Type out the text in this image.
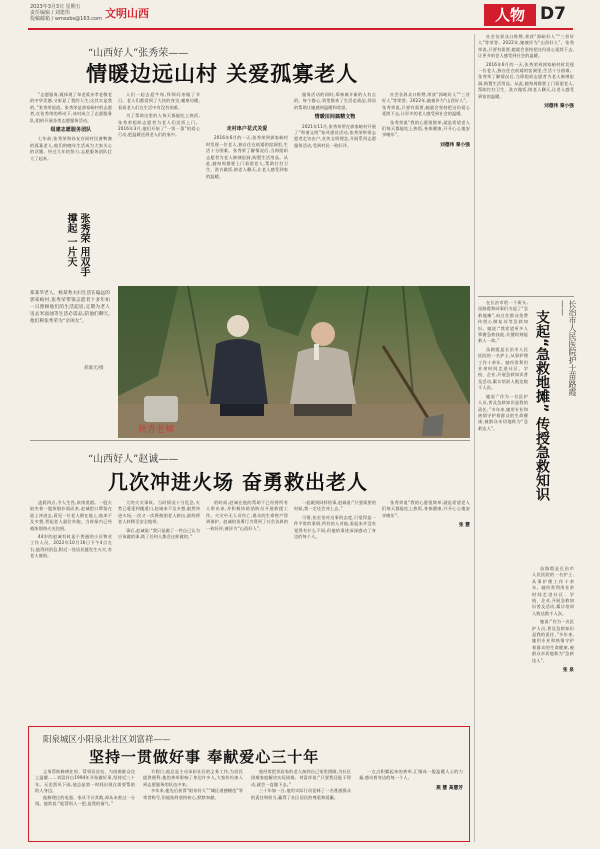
2023年3月3日 星期五
责任编辑 / 刘建伟
投稿邮箱 / wmsxbs@163.com 文明山西	人物 D7
“山西好人”张秀荣——
情暖边远山村 关爱孤寡老人

“志愿服务,既体现了奉老爱亲孝老敬老的中华美德,又彰显了我的人生;这其实是我的。”张秀荣说道。张秀荣是郭家峪村的志愿者,在张秀荣的带动下,该村成立了志愿服务队,组织开展各类志愿服务活动。

组建志愿服务团队

七年前,张秀荣和孙友存同村民唐鸭寨的孤寡老人,他们的晚年生活成为大家关心的话题。经过几年的努力,志愿服务团队壮大了起来。

人们一起去迎牛每,拜师问茶做了节日。老人们都爱到了大伙的身边,嘘寒问暖,看看老人们在生活中有没有困难。

为了帮助这里的人每天都能吃上热饭,张秀荣组织志愿者为老人们送饭上门。2016年3月,他们开始了“一饭一菜”的爱心行动,把温暖送到老人们的家中。

走村串户花式关爱

2016年6月的一天,张秀荣到郭家峪村时发现一位老人,独自住在低矮的窑洞里,生活十分困难。张秀荣了解情况后,当即组织志愿者为老人修缮窑洞,购置生活用品。从此,她每周都要上门看望老人,帮助打扫卫生、洗衣做饭,陪老人聊天,让老人感受到家的温暖。

服务活动的同时,郑林离开新的人有点的。每个都心,邻里都来了生活必需品,邻居的帮助让她感到温暖和希望。

情暖田间搞精文物

2021年11月,张秀荣所在郭家峪村开展了“和谐文明”家风建设活动,张秀荣带领志愿者走访农户,宣传文明理念,开展系列志愿服务活动,受到村民一致好评。

社会各界众口称赞,荣获“郭峪好人”“三晋好人”等荣誉。2022年,她被评为“山西好人”。张秀荣说,只要有需要,她就会坚持把这份爱心延续下去,让更多的老人感受到社会的温暖。

张秀荣说“我的心愿很简单,就是希望老人们每天都能吃上热饭,身体健康,开开心心地安享晚年”。

刘德伟 秦小强
张秀荣 用双手撑起 一片天
郑某华老人、杨某秀夫妇生活在偏远的郭家峪村,张秀荣带领志愿者十多年如一日照顾他们的生活起居,定期为老人送去米面油等生活必需品,陪他们聊天,他们称张秀荣为“亲闺女”。
郝翼光/摄
秋香老师
“山西好人”赵诚——
几次冲进火场 奋勇救出老人

凌晨四点,令人生畏,浓浓黑烟。一股火焰夹着一股浓烟扑面而来,赵诚把口罩捂在面上冲进去,看见一位老人倒在地上,他来不及多想,背起老人就往外跑。当时屋内已经被浓烟和火光包围。

44岁的赵诚有时是个普通的小区物业工作人员。2022年10月16日下午4点左右,他得到消息,附近一处居民楼发生火灾,有老人被困。

大的火灾事故。当时情况十分危急,火势已蔓延到楼道口,赵诚来不及多想,毅然冲进火场,一次又一次将被困老人救出,最终将老人转移至安全地带。

事后,赵诚说:“我只是做了一件自己认为应该做的事,换了任何人都会这样做的。”

的时候,赵诚在他的帮助下已经将所有人带出来,并积极协助消防员开展救援工作。火灾中无人员伤亡,群众的生命财产得到保护。赵诚的英勇行为得到了社会各界的一致好评,被评为“山西好人”。

一起做到同样的事,赵诚说:“只要需要的时候,我一定还会冲上去。”

可惜,张宏伯对这事的态度,只觉得是一件平常的事情,所有的人对他,看起来并没有觉得有什么不同,但他的事迹深深感动了身边的每个人。

张秀荣说“我的心愿很简单,就是希望老人们每天都能吃上热饭,身体健康,开开心心地安享晚年”。

张 慧
阳泉城区小阳泉北社区刘富祥——
坚持一贯做好事 奉献爱心三十年

义务帮助修缮住房、帮邻居送电、为困难群众送上温暖……刘富祥自1994年开始做好事,坚持近三十年。无论刮风下雨,他总是第一时间出现在需要帮助的人身边。

他修理过的电器、家具不计其数,却从未收过一分钱。他常说:“能帮别人一把,是我的福气。”

节假日,他总是主动承担社区的义务工作,为居民提供便利,他的善举影响了身边许多人,大家纷纷加入到志愿服务的队伍中来。

多年来,他先后获得“阳泉好人”“城区道德模范”等荣誉称号,但他始终坚持初心,默默奉献。

他经常把邻居家的老人接到自己家里照顾,为社区困难家庭解决实际困难。刘富祥说:“只要我还能干得动,就会一直做下去。”

三十年如一日,他用实际行动诠释了一名普通群众的责任和担当,赢得了社区居民的尊重和爱戴。

一点点积累起来的善举,汇聚成一股温暖人心的力量,感动着身边的每一个人。

燕 慧 高慧芳

社会各界众口称赞,荣获“郭峪好人”“三晋好人”等荣誉。2022年,她被评为“山西好人”。张秀荣说,只要有需要,她就会坚持把这份爱心延续下去,让更多的老人感受到社会的温暖。

2016年6月的一天,张秀荣到郭家峪村时发现一位老人,独自住在低矮的窑洞里,生活十分困难。张秀荣了解情况后,当即组织志愿者为老人修缮窑洞,购置生活用品。从此,她每周都要上门看望老人,帮助打扫卫生、洗衣做饭,陪老人聊天,让老人感受到家的温暖。

刘德伟 秦小强

在长治市的一个街头,苗路霞和同事们支起了“急救地摊”,向过往群众免费传授心肺复苏等急救知识。她说:“我希望更多人掌握急救技能,关键时刻能救人一命。”

苗路霞是长治市人民医院的一名护士,从事护理工作十余年。她经常利用业余时间走进社区、学校、企业,开展急救知识普及活动,累计培训人数达数千人次。

她说:“作为一名医护人员,普及急救知识是我的责任。”多年来,她用专业和热情守护着群众的生命健康,被群众亲切地称为“急救达人”。

长治市人民医院护士苗路霞——
支起“急救地摊” 传授急救知识

苗路霞是长治市人民医院的一名护士,从事护理工作十余年。她经常利用业余时间走进社区、学校、企业,开展急救知识普及活动,累计培训人数达数千人次。

她说:“作为一名医护人员,普及急救知识是我的责任。”多年来,她用专业和热情守护着群众的生命健康,被群众亲切地称为“急救达人”。

张 泉
